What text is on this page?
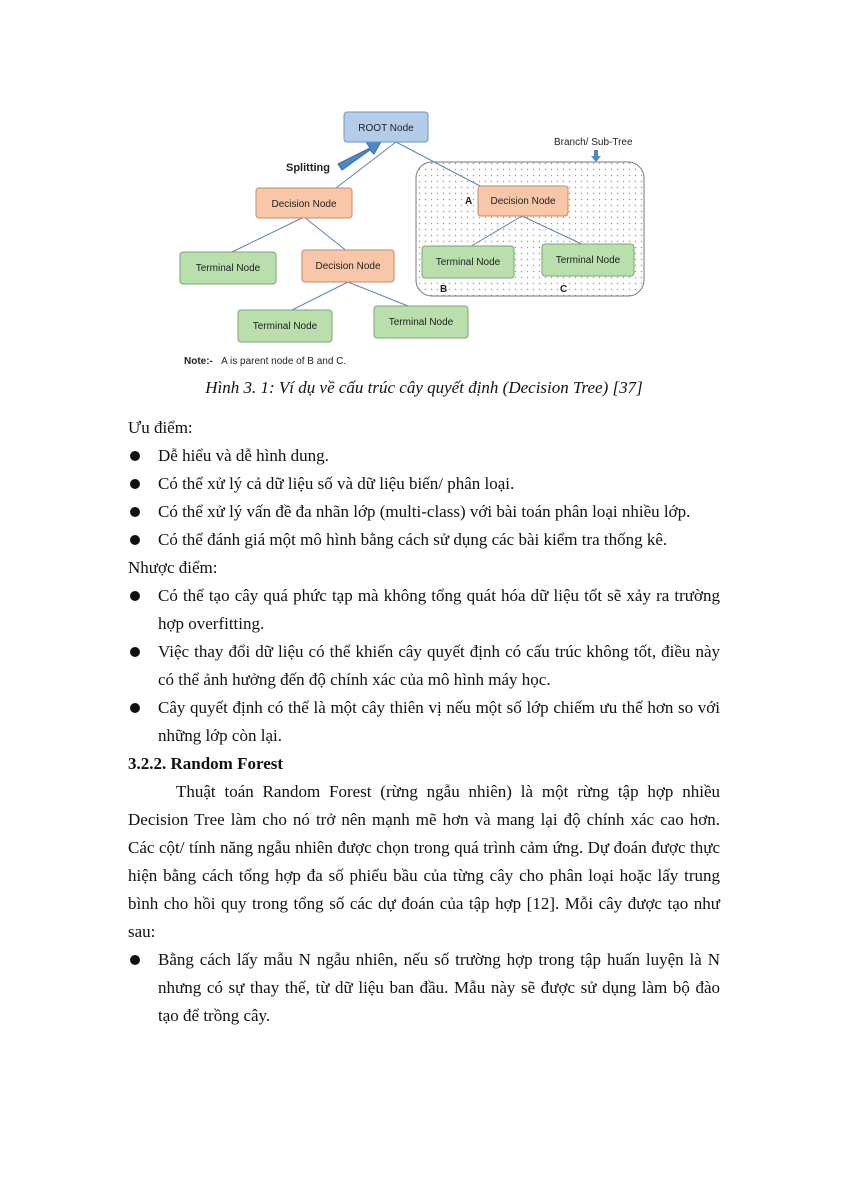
Splitting
Branch/ Sub-Tree
ROOT Node
Decision Node	A Decision Node
Terminal Node	Decision Node	Terminal Node	Terminal Node
B	C
Terminal Node	Terminal Node
Note:- A is parent node of B and C.
Hình 3. 1: Ví dụ về cấu trúc cây quyết định (Decision Tree) [37]

Ưu điểm:

Dễ hiểu và dễ hình dung.
Có thể xử lý cả dữ liệu số và dữ liệu biến/ phân loại.
Có thể xử lý vấn đề đa nhãn lớp (multi-class) với bài toán phân loại nhiều lớp.
Có thể đánh giá một mô hình bằng cách sử dụng các bài kiểm tra thống kê.

Nhược điểm:

Có thể tạo cây quá phức tạp mà không tổng quát hóa dữ liệu tốt sẽ xảy ra trường hợp overfitting.
Việc thay đổi dữ liệu có thể khiến cây quyết định có cấu trúc không tốt, điều này có thể ảnh hưởng đến độ chính xác của mô hình máy học.
Cây quyết định có thể là một cây thiên vị nếu một số lớp chiếm ưu thế hơn so với những lớp còn lại.
3.2.2. Random Forest

Thuật toán Random Forest (rừng ngẫu nhiên) là một rừng tập hợp nhiều Decision Tree làm cho nó trở nên mạnh mẽ hơn và mang lại độ chính xác cao hơn. Các cột/ tính năng ngẫu nhiên được chọn trong quá trình cảm ứng. Dự đoán được thực hiện bằng cách tổng hợp đa số phiếu bầu của từng cây cho phân loại hoặc lấy trung bình cho hồi quy trong tổng số các dự đoán của tập hợp [12]. Mỗi cây được tạo như sau:

Bằng cách lấy mẫu N ngẫu nhiên, nếu số trường hợp trong tập huấn luyện là N nhưng có sự thay thế, từ dữ liệu ban đầu. Mẫu này sẽ được sử dụng làm bộ đào tạo để trồng cây.
